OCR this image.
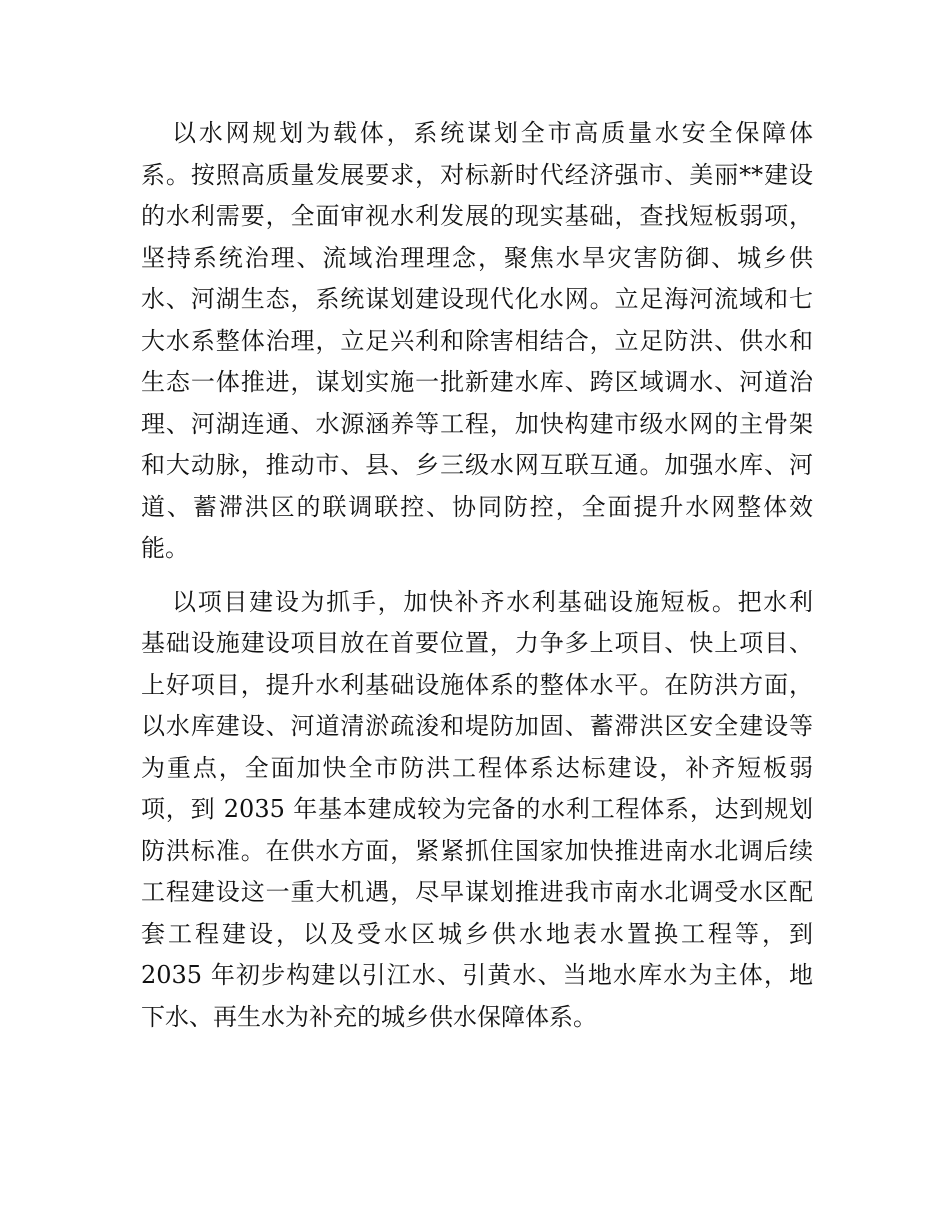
以水网规划为载体，系统谋划全市高质量水安全保障体
系。按照高质量发展要求，对标新时代经济强市、美丽**建设
的水利需要，全面审视水利发展的现实基础，查找短板弱项，
坚持系统治理、流域治理理念，聚焦水旱灾害防御、城乡供
水、河湖生态，系统谋划建设现代化水网。立足海河流域和七
大水系整体治理，立足兴利和除害相结合，立足防洪、供水和
生态一体推进，谋划实施一批新建水库、跨区域调水、河道治
理、河湖连通、水源涵养等工程，加快构建市级水网的主骨架
和大动脉，推动市、县、乡三级水网互联互通。加强水库、河
道、蓄滞洪区的联调联控、协同防控，全面提升水网整体效
能。
以项目建设为抓手，加快补齐水利基础设施短板。把水利
基础设施建设项目放在首要位置，力争多上项目、快上项目、
上好项目，提升水利基础设施体系的整体水平。在防洪方面，
以水库建设、河道清淤疏浚和堤防加固、蓄滞洪区安全建设等
为重点，全面加快全市防洪工程体系达标建设，补齐短板弱
项，到 2035 年基本建成较为完备的水利工程体系，达到规划
防洪标准。在供水方面，紧紧抓住国家加快推进南水北调后续
工程建设这一重大机遇，尽早谋划推进我市南水北调受水区配
套工程建设，以及受水区城乡供水地表水置换工程等，到
2035 年初步构建以引江水、引黄水、当地水库水为主体，地
下水、再生水为补充的城乡供水保障体系。
